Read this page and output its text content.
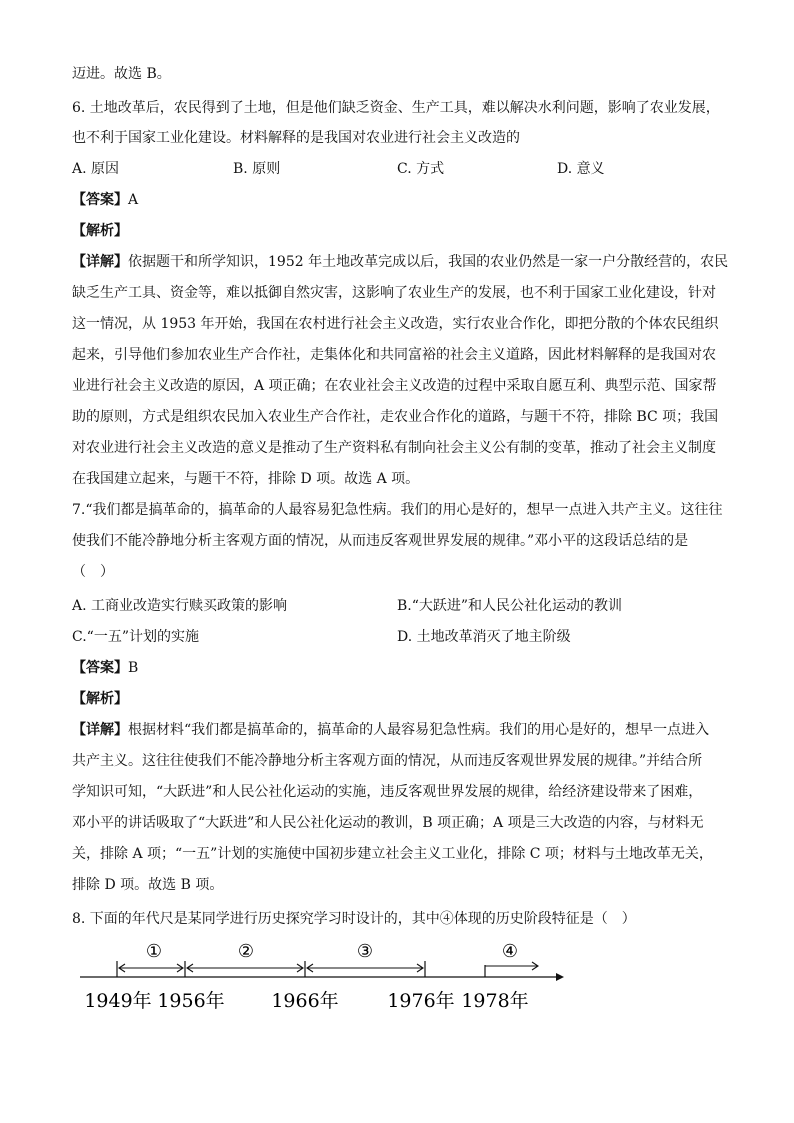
迈进。故选 B。
6. 土地改革后，农民得到了土地，但是他们缺乏资金、生产工具，难以解决水利问题，影响了农业发展，
也不利于国家工业化建设。材料解释的是我国对农业进行社会主义改造的
A. 原因	B. 原则	C. 方式	D. 意义
【答案】A
【解析】
【详解】依据题干和所学知识，1952 年土地改革完成以后，我国的农业仍然是一家一户分散经营的，农民
缺乏生产工具、资金等，难以抵御自然灾害，这影响了农业生产的发展，也不利于国家工业化建设，针对
这一情况，从 1953 年开始，我国在农村进行社会主义改造，实行农业合作化，即把分散的个体农民组织
起来，引导他们参加农业生产合作社，走集体化和共同富裕的社会主义道路，因此材料解释的是我国对农
业进行社会主义改造的原因，A 项正确；在农业社会主义改造的过程中采取自愿互利、典型示范、国家帮
助的原则，方式是组织农民加入农业生产合作社，走农业合作化的道路，与题干不符，排除 BC 项；我国
对农业进行社会主义改造的意义是推动了生产资料私有制向社会主义公有制的变革，推动了社会主义制度
在我国建立起来，与题干不符，排除 D 项。故选 A 项。
7.“我们都是搞革命的，搞革命的人最容易犯急性病。我们的用心是好的，想早一点进入共产主义。这往往
使我们不能冷静地分析主客观方面的情况，从而违反客观世界发展的规律。”邓小平的这段话总结的是
（　）
A. 工商业改造实行赎买政策的影响	B.“大跃进”和人民公社化运动的教训
C.“一五”计划的实施	D. 土地改革消灭了地主阶级
【答案】B
【解析】
【详解】根据材料“我们都是搞革命的，搞革命的人最容易犯急性病。我们的用心是好的，想早一点进入
共产主义。这往往使我们不能冷静地分析主客观方面的情况，从而违反客观世界发展的规律。”并结合所
学知识可知，“大跃进”和人民公社化运动的实施，违反客观世界发展的规律，给经济建设带来了困难，
邓小平的讲话吸取了“大跃进”和人民公社化运动的教训，B 项正确；A 项是三大改造的内容，与材料无
关，排除 A 项；“一五”计划的实施使中国初步建立社会主义工业化，排除 C 项；材料与土地改革无关，
排除 D 项。故选 B 项。
8. 下面的年代尺是某同学进行历史探究学习时设计的，其中④体现的历史阶段特征是（　）
①	②	③	④
1949年 1956年 1966年	1976年 1978年
